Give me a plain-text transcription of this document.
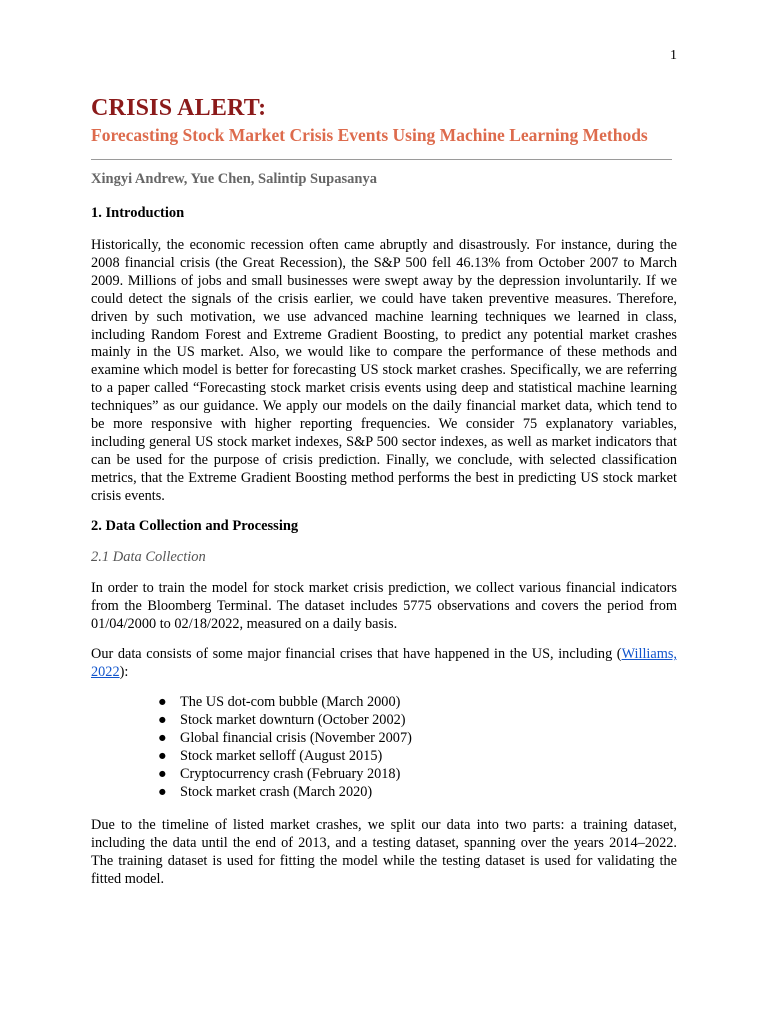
1
CRISIS ALERT:
Forecasting Stock Market Crisis Events Using Machine Learning Methods
Xingyi Andrew, Yue Chen, Salintip Supasanya
1. Introduction

Historically, the economic recession often came abruptly and disastrously. For instance, during the 2008 financial crisis (the Great Recession), the S&P 500 fell 46.13% from October 2007 to March 2009. Millions of jobs and small businesses were swept away by the depression involuntarily. If we could detect the signals of the crisis earlier, we could have taken preventive measures. Therefore, driven by such motivation, we use advanced machine learning techniques we learned in class, including Random Forest and Extreme Gradient Boosting, to predict any potential market crashes mainly in the US market. Also, we would like to compare the performance of these methods and examine which model is better for forecasting US stock market crashes. Specifically, we are referring to a paper called “Forecasting stock market crisis events using deep and statistical machine learning techniques” as our guidance. We apply our models on the daily financial market data, which tend to be more responsive with higher reporting frequencies. We consider 75 explanatory variables, including general US stock market indexes, S&P 500 sector indexes, as well as market indicators that can be used for the purpose of crisis prediction. Finally, we conclude, with selected classification metrics, that the Extreme Gradient Boosting method performs the best in predicting US stock market crisis events.

2. Data Collection and Processing
2.1 Data Collection

In order to train the model for stock market crisis prediction, we collect various financial indicators from the Bloomberg Terminal. The dataset includes 5775 observations and covers the period from 01/04/2000 to 02/18/2022, measured on a daily basis.

Our data consists of some major financial crises that have happened in the US, including (Williams, 2022):

● The US dot-com bubble (March 2000)
● Stock market downturn (October 2002)
● Global financial crisis (November 2007)
● Stock market selloff (August 2015)
● Cryptocurrency crash (February 2018)
● Stock market crash (March 2020)

Due to the timeline of listed market crashes, we split our data into two parts: a training dataset, including the data until the end of 2013, and a testing dataset, spanning over the years 2014–2022. The training dataset is used for fitting the model while the testing dataset is used for validating the fitted model.
